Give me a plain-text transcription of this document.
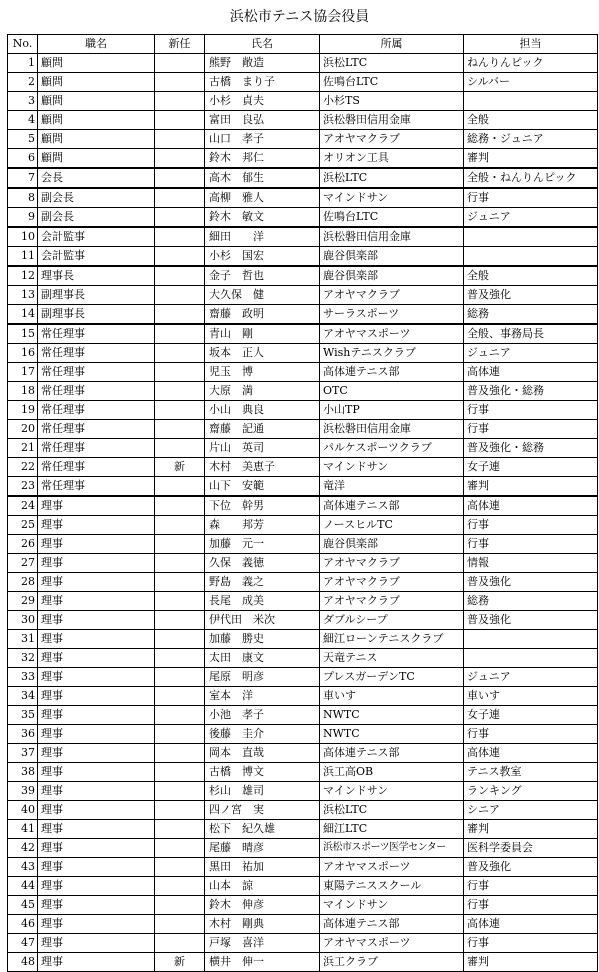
浜松市テニス協会役員
No.	職名	新任	氏名	所属	担当
1	顧問		熊野　敞造	浜松LTC	ねんりんピック
2	顧問		古橋　まり子	佐鳴台LTC	シルバー
3	顧問		小杉　貞夫	小杉TS	
4	顧問		富田　良弘	浜松磐田信用金庫	全般
5	顧問		山口　孝子	アオヤマクラブ	総務・ジュニア
6	顧問		鈴木　邦仁	オリオン工具	審判
7	会長		高木　郁生	浜松LTC	全般・ねんりんピック
8	副会長		高柳　雅人	マインドサン	行事
9	副会長		鈴木　敏文	佐鳴台LTC	ジュニア
10	会計監事		細田　　洋	浜松磐田信用金庫	
11	会計監事		小杉　国宏	鹿谷倶楽部	
12	理事長		金子　哲也	鹿谷倶楽部	全般
13	副理事長		大久保　健	アオヤマクラブ	普及強化
14	副理事長		齋藤　政明	サーラスポーツ	総務
15	常任理事		青山　剛	アオヤマスポーツ	全般、事務局長
16	常任理事		坂本　正人	Wishテニスクラブ	ジュニア
17	常任理事		児玉　博	高体連テニス部	高体連
18	常任理事		大原　満	OTC	普及強化・総務
19	常任理事		小山　典良	小山TP	行事
20	常任理事		齋藤　記通	浜松磐田信用金庫	行事
21	常任理事		片山　英司	パルケスポーツクラブ	普及強化・総務
22	常任理事	新	木村　美恵子	マインドサン	女子連
23	常任理事		山下　安範	竜洋	審判
24	理事		下位　幹男	高体連テニス部	高体連
25	理事		森　　邦芳	ノースヒルTC	行事
26	理事		加藤　元一	鹿谷倶楽部	行事
27	理事		久保　義徳	アオヤマクラブ	情報
28	理事		野島　義之	アオヤマクラブ	普及強化
29	理事		長尾　成美	アオヤマクラブ	総務
30	理事		伊代田　米次	ダブルシープ	普及強化
31	理事		加藤　勝史	細江ローンテニスクラブ	
32	理事		太田　康文	天竜テニス	
33	理事		尾原　明彦	プレスガーデンTC	ジュニア
34	理事		室本　洋	車いす	車いす
35	理事		小池　孝子	NWTC	女子連
36	理事		後藤　圭介	NWTC	行事
37	理事		岡本　直哉	高体連テニス部	高体連
38	理事		古橋　博文	浜工高OB	テニス教室
39	理事		杉山　雄司	マインドサン	ランキング
40	理事		四ノ宮　実	浜松LTC	シニア
41	理事		松下　紀久雄	細江LTC	審判
42	理事		尾藤　晴彦	浜松市スポーツ医学センター	医科学委員会
43	理事		黒田　祐加	アオヤマスポーツ	普及強化
44	理事		山本　諒	東陽テニススクール	行事
45	理事		鈴木　伸彦	マインドサン	行事
46	理事		木村　剛典	高体連テニス部	高体連
47	理事		戸塚　喜洋	アオヤマスポーツ	行事
48	理事	新	横井　伸一	浜工クラブ	審判
